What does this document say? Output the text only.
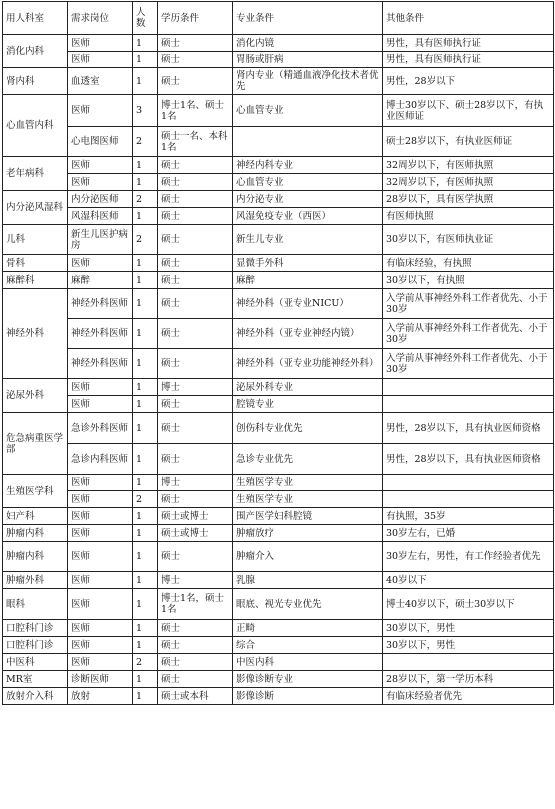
用人科室	需求岗位	人数	学历条件	专业条件	其他条件
消化内科	医师	1	硕士	消化内镜	男性，具有医师执行证
	医师	1	硕士	胃肠或肝病	男性，具有医师执行证
肾内科	血透室	1	硕士	肾内专业（精通血液净化技术者优先	男性，28岁以下
心血管内科	医师	3	博士1名、硕士1名	心血管专业	博士30岁以下、硕士28岁以下，有执业医师证
	心电图医师	2	硕士一名、本科1名		硕士28岁以下，有执业医师证
老年病科	医师	1	硕士	神经内科专业	32周岁以下，有医师执照
	医师	1	硕士	心血管专业	32周岁以下，有医师执照
内分泌风湿科	内分泌医师	2	硕士	内分泌专业	28岁以下，具有医学执照
	风湿科医师	1	硕士	风湿免疫专业（西医）	有医师执照
儿科	新生儿医护病房	2	硕士	新生儿专业	30岁以下，有医师执业证
骨科	医师	1	硕士	显微手外科	有临床经验，有执照
麻醉科	麻醉	1	硕士	麻醉	30岁以下，有执照
神经外科	神经外科医师	1	硕士	神经外科（亚专业NICU）	入学前从事神经外科工作者优先、小于30岁
	神经外科医师	1	硕士	神经外科（亚专业神经内镜）	入学前从事神经外科工作者优先、小于30岁
	神经外科医师	1	硕士	神经外科（亚专业功能神经外科）	入学前从事神经外科工作者优先、小于30岁
泌尿外科	医师	1	博士	泌尿外科专业	
	医师	1	硕士	腔镜专业	
危急病重医学部	急诊外科医师	1	硕士	创伤科专业优先	男性，28岁以下，具有执业医师资格
	急诊内科医师	1	硕士	急诊专业优先	男性，28岁以下，具有执业医师资格
生殖医学科	医师	1	博士	生殖医学专业	
	医师	2	硕士	生殖医学专业	
妇产科	医师	1	硕士或博士	围产医学妇科腔镜	有执照，35岁
肿瘤内科	医师	1	硕士或博士	肿瘤放疗	30岁左右，已婚
肿瘤内科	医师	1	硕士	肿瘤介入	30岁左右，男性，有工作经验者优先
肿瘤外科	医师	1	博士	乳腺	40岁以下
眼科	医师	1	博士1名，硕士1名	眼底、视光专业优先	博士40岁以下，硕士30岁以下
口腔科门诊	医师	1	硕士	正畸	30岁以下，男性
口腔科门诊	医师	1	硕士	综合	30岁以下，男性
中医科	医师	2	硕士	中医内科	
MR室	诊断医师	1	硕士	影像诊断专业	28岁以下，第一学历本科
放射介入科	放射	1	硕士或本科	影像诊断	有临床经验者优先
